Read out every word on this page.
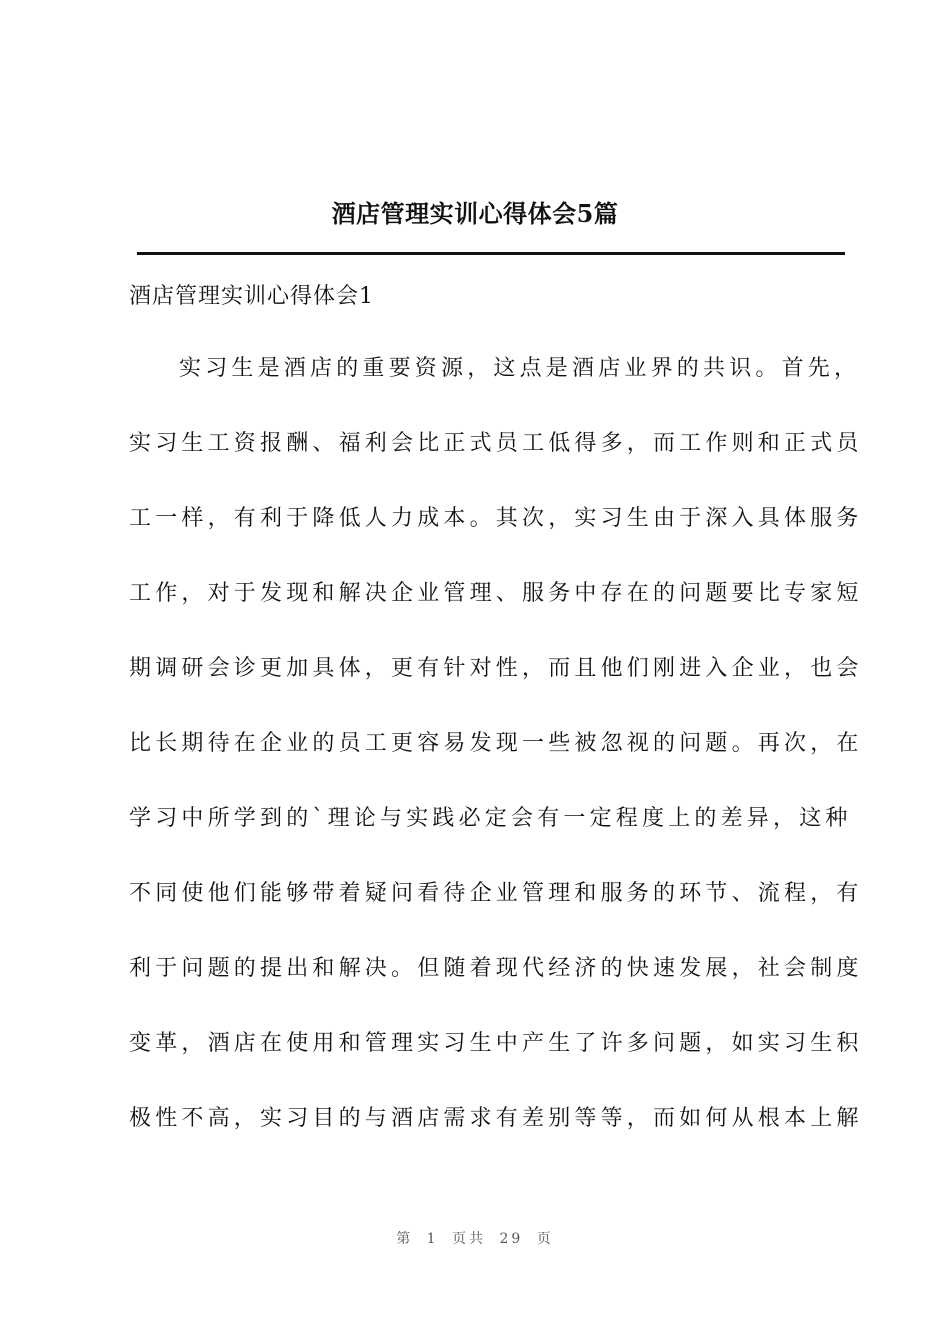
酒店管理实训心得体会5篇
酒店管理实训心得体会1
实习生是酒店的重要资源，这点是酒店业界的共识。首先，
实习生工资报酬、福利会比正式员工低得多，而工作则和正式员
工一样，有利于降低人力成本。其次，实习生由于深入具体服务
工作，对于发现和解决企业管理、服务中存在的问题要比专家短
期调研会诊更加具体，更有针对性，而且他们刚进入企业，也会
比长期待在企业的员工更容易发现一些被忽视的问题。再次，在
学习中所学到的`理论与实践必定会有一定程度上的差异，这种
不同使他们能够带着疑问看待企业管理和服务的环节、流程，有
利于问题的提出和解决。但随着现代经济的快速发展，社会制度
变革，酒店在使用和管理实习生中产生了许多问题，如实习生积
极性不高，实习目的与酒店需求有差别等等，而如何从根本上解
第 1 页共 29 页
